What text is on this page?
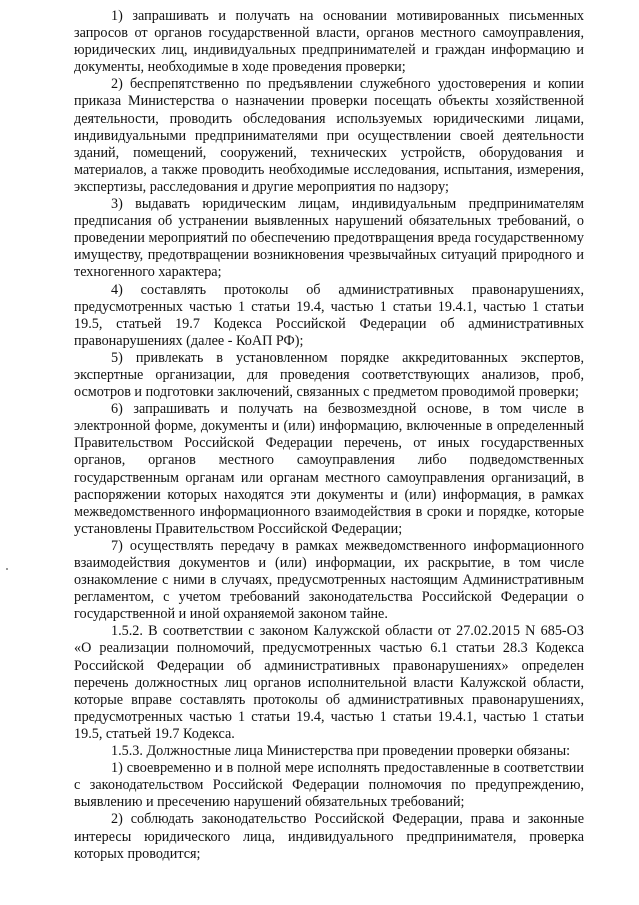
1) запрашивать и получать на основании мотивированных письменных запросов от органов государственной власти, органов местного самоуправления, юридических лиц, индивидуальных предпринимателей и граждан информацию и документы, необходимые в ходе проведения проверки;

2) беспрепятственно по предъявлении служебного удостоверения и копии приказа Министерства о назначении проверки посещать объекты хозяйственной деятельности, проводить обследования используемых юридическими лицами, индивидуальными предпринимателями при осуществлении своей деятельности зданий, помещений, сооружений, технических устройств, оборудования и материалов, а также проводить необходимые исследования, испытания, измерения, экспертизы, расследования и другие мероприятия по надзору;

3) выдавать юридическим лицам, индивидуальным предпринимателям предписания об устранении выявленных нарушений обязательных требований, о проведении мероприятий по обеспечению предотвращения вреда государственному имуществу, предотвращении возникновения чрезвычайных ситуаций природного и техногенного характера;

4) составлять протоколы об административных правонарушениях, предусмотренных частью 1 статьи 19.4, частью 1 статьи 19.4.1, частью 1 статьи 19.5, статьей 19.7 Кодекса Российской Федерации об административных правонарушениях (далее - КоАП РФ);

5) привлекать в установленном порядке аккредитованных экспертов, экспертные организации, для проведения соответствующих анализов, проб, осмотров и подготовки заключений, связанных с предметом проводимой проверки;

6) запрашивать и получать на безвозмездной основе, в том числе в электронной форме, документы и (или) информацию, включенные в определенный Правительством Российской Федерации перечень, от иных государственных органов, органов местного самоуправления либо подведомственных государственным органам или органам местного самоуправления организаций, в распоряжении которых находятся эти документы и (или) информация, в рамках межведомственного информационного взаимодействия в сроки и порядке, которые установлены Правительством Российской Федерации;

7) осуществлять передачу в рамках межведомственного информационного взаимодействия документов и (или) информации, их раскрытие, в том числе ознакомление с ними в случаях, предусмотренных настоящим Административным регламентом, с учетом требований законодательства Российской Федерации о государственной и иной охраняемой законом тайне.

1.5.2. В соответствии с законом Калужской области от 27.02.2015 N 685-ОЗ «О реализации полномочий, предусмотренных частью 6.1 статьи 28.3 Кодекса Российской Федерации об административных правонарушениях» определен перечень должностных лиц органов исполнительной власти Калужской области, которые вправе составлять протоколы об административных правонарушениях, предусмотренных частью 1 статьи 19.4, частью 1 статьи 19.4.1, частью 1 статьи 19.5, статьей 19.7 Кодекса.

1.5.3. Должностные лица Министерства при проведении проверки обязаны:

1) своевременно и в полной мере исполнять предоставленные в соответствии с законодательством Российской Федерации полномочия по предупреждению, выявлению и пресечению нарушений обязательных требований;

2) соблюдать законодательство Российской Федерации, права и законные интересы юридического лица, индивидуального предпринимателя, проверка которых проводится;
